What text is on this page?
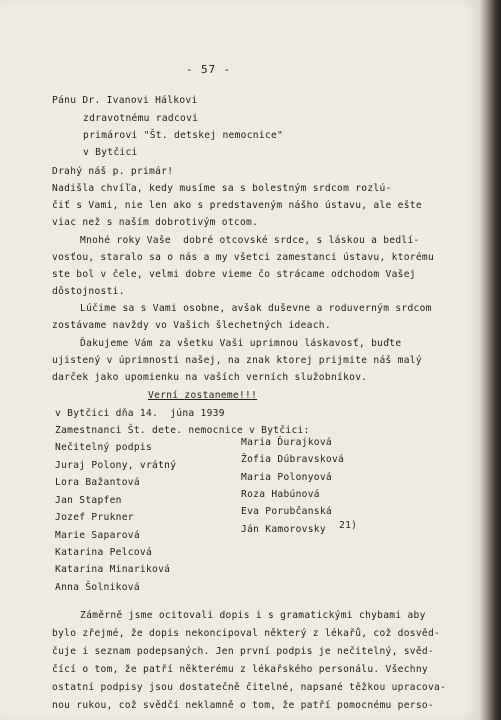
- 57 -
Pánu Dr. Ivanovi Hálkovi
zdravotnému radcovi
primárovi "Št. detskej nemocnice"
v Bytčici
Drahý náš p. primár!
Nadišla chvíľa, kedy musíme sa s bolestným srdcom rozlú-
čiť s Vami, nie len ako s predstaveným nášho ústavu, ale ešte
viac než s naším dobrotivým otcom.
Mnohé roky Vaše  dobré otcovské srdce, s láskou a bedlí-
vosťou, staralo sa o nás a my všetci zamestanci ústavu, ktorému
ste bol v čele, velmi dobre vieme čo strácame odchodom Vašej
dôstojnosti.
Lúčime sa s Vami osobne, avšak duševne a roduverným srdcom
zostávame navždy vo Vašich šlechetných ideach.
Ďakujeme Vám za všetku Vaši uprimnou láskavosť, buďte
ujistený v úprimnosti našej, na znak ktorej prijmite náš malý
darček jako upomienku na vaších verních služobníkov.
Verní zostaneme!!!
v Bytčici dňa 14.  júna 1939
Zamestnanci Št. dete. nemocnice v Bytčici:
Nečitelný podpis
Juraj Polony, vrátný
Lora Bažantová
Jan Stapfen
Jozef Prukner
Marie Saparová
Katarina Pelcová
Katarina Minariková
Anna Šolniková
Maria Ďurajková
Žofia Dúbravsková
Maria Polonyová
Roza Habúnová
Eva Porubčanská
Ján Kamorovsky 21)
Záměrně jsme ocitovali dopis i s gramatickými chybami aby
bylo zřejmé, že dopis nekoncipoval některý z lékařů, což dosvěd-
čuje i seznam podepsaných. Jen první podpis je nečitelný, svěd-
čící o tom, že patří některému z lékařského personálu. Všechny
ostatní podpisy jsou dostatečně čitelné, napsané těžkou upracova-
nou rukou, což svědčí neklamně o tom, že patří pomocnému perso-
